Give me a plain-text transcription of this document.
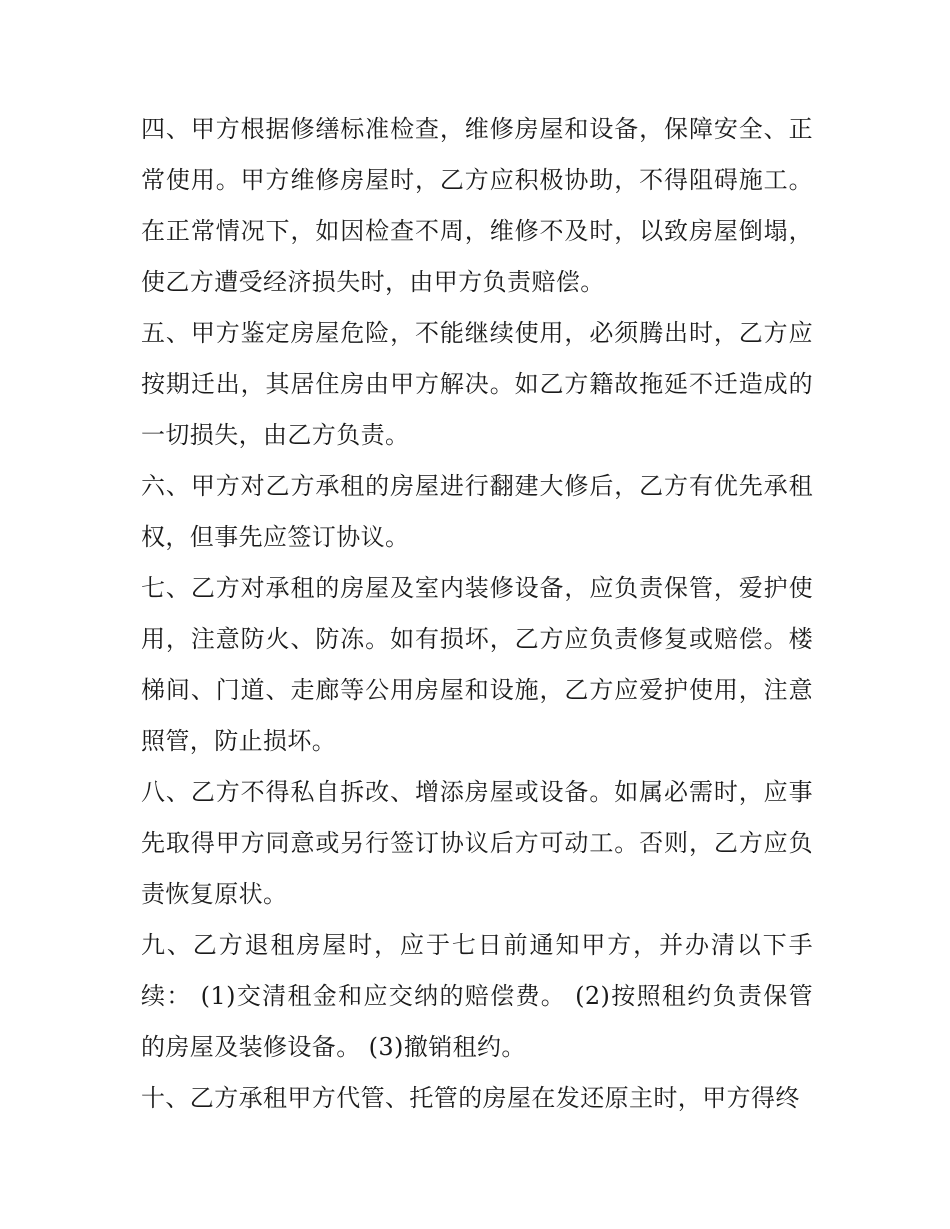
四、甲方根据修缮标准检查，维修房屋和设备，保障安全、正常使用。甲方维修房屋时，乙方应积极协助，不得阻碍施工。在正常情况下，如因检查不周，维修不及时，以致房屋倒塌，使乙方遭受经济损失时，由甲方负责赔偿。

五、甲方鉴定房屋危险，不能继续使用，必须腾出时，乙方应按期迁出，其居住房由甲方解决。如乙方籍故拖延不迁造成的一切损失，由乙方负责。

六、甲方对乙方承租的房屋进行翻建大修后，乙方有优先承租权，但事先应签订协议。

七、乙方对承租的房屋及室内装修设备，应负责保管，爱护使用，注意防火、防冻。如有损坏，乙方应负责修复或赔偿。楼梯间、门道、走廊等公用房屋和设施，乙方应爱护使用，注意照管，防止损坏。

八、乙方不得私自拆改、增添房屋或设备。如属必需时，应事先取得甲方同意或另行签订协议后方可动工。否则，乙方应负责恢复原状。

九、乙方退租房屋时，应于七日前通知甲方，并办清以下手续： (1)交清租金和应交纳的赔偿费。 (2)按照租约负责保管的房屋及装修设备。 (3)撤销租约。

十、乙方承租甲方代管、托管的房屋在发还原主时，甲方得终
